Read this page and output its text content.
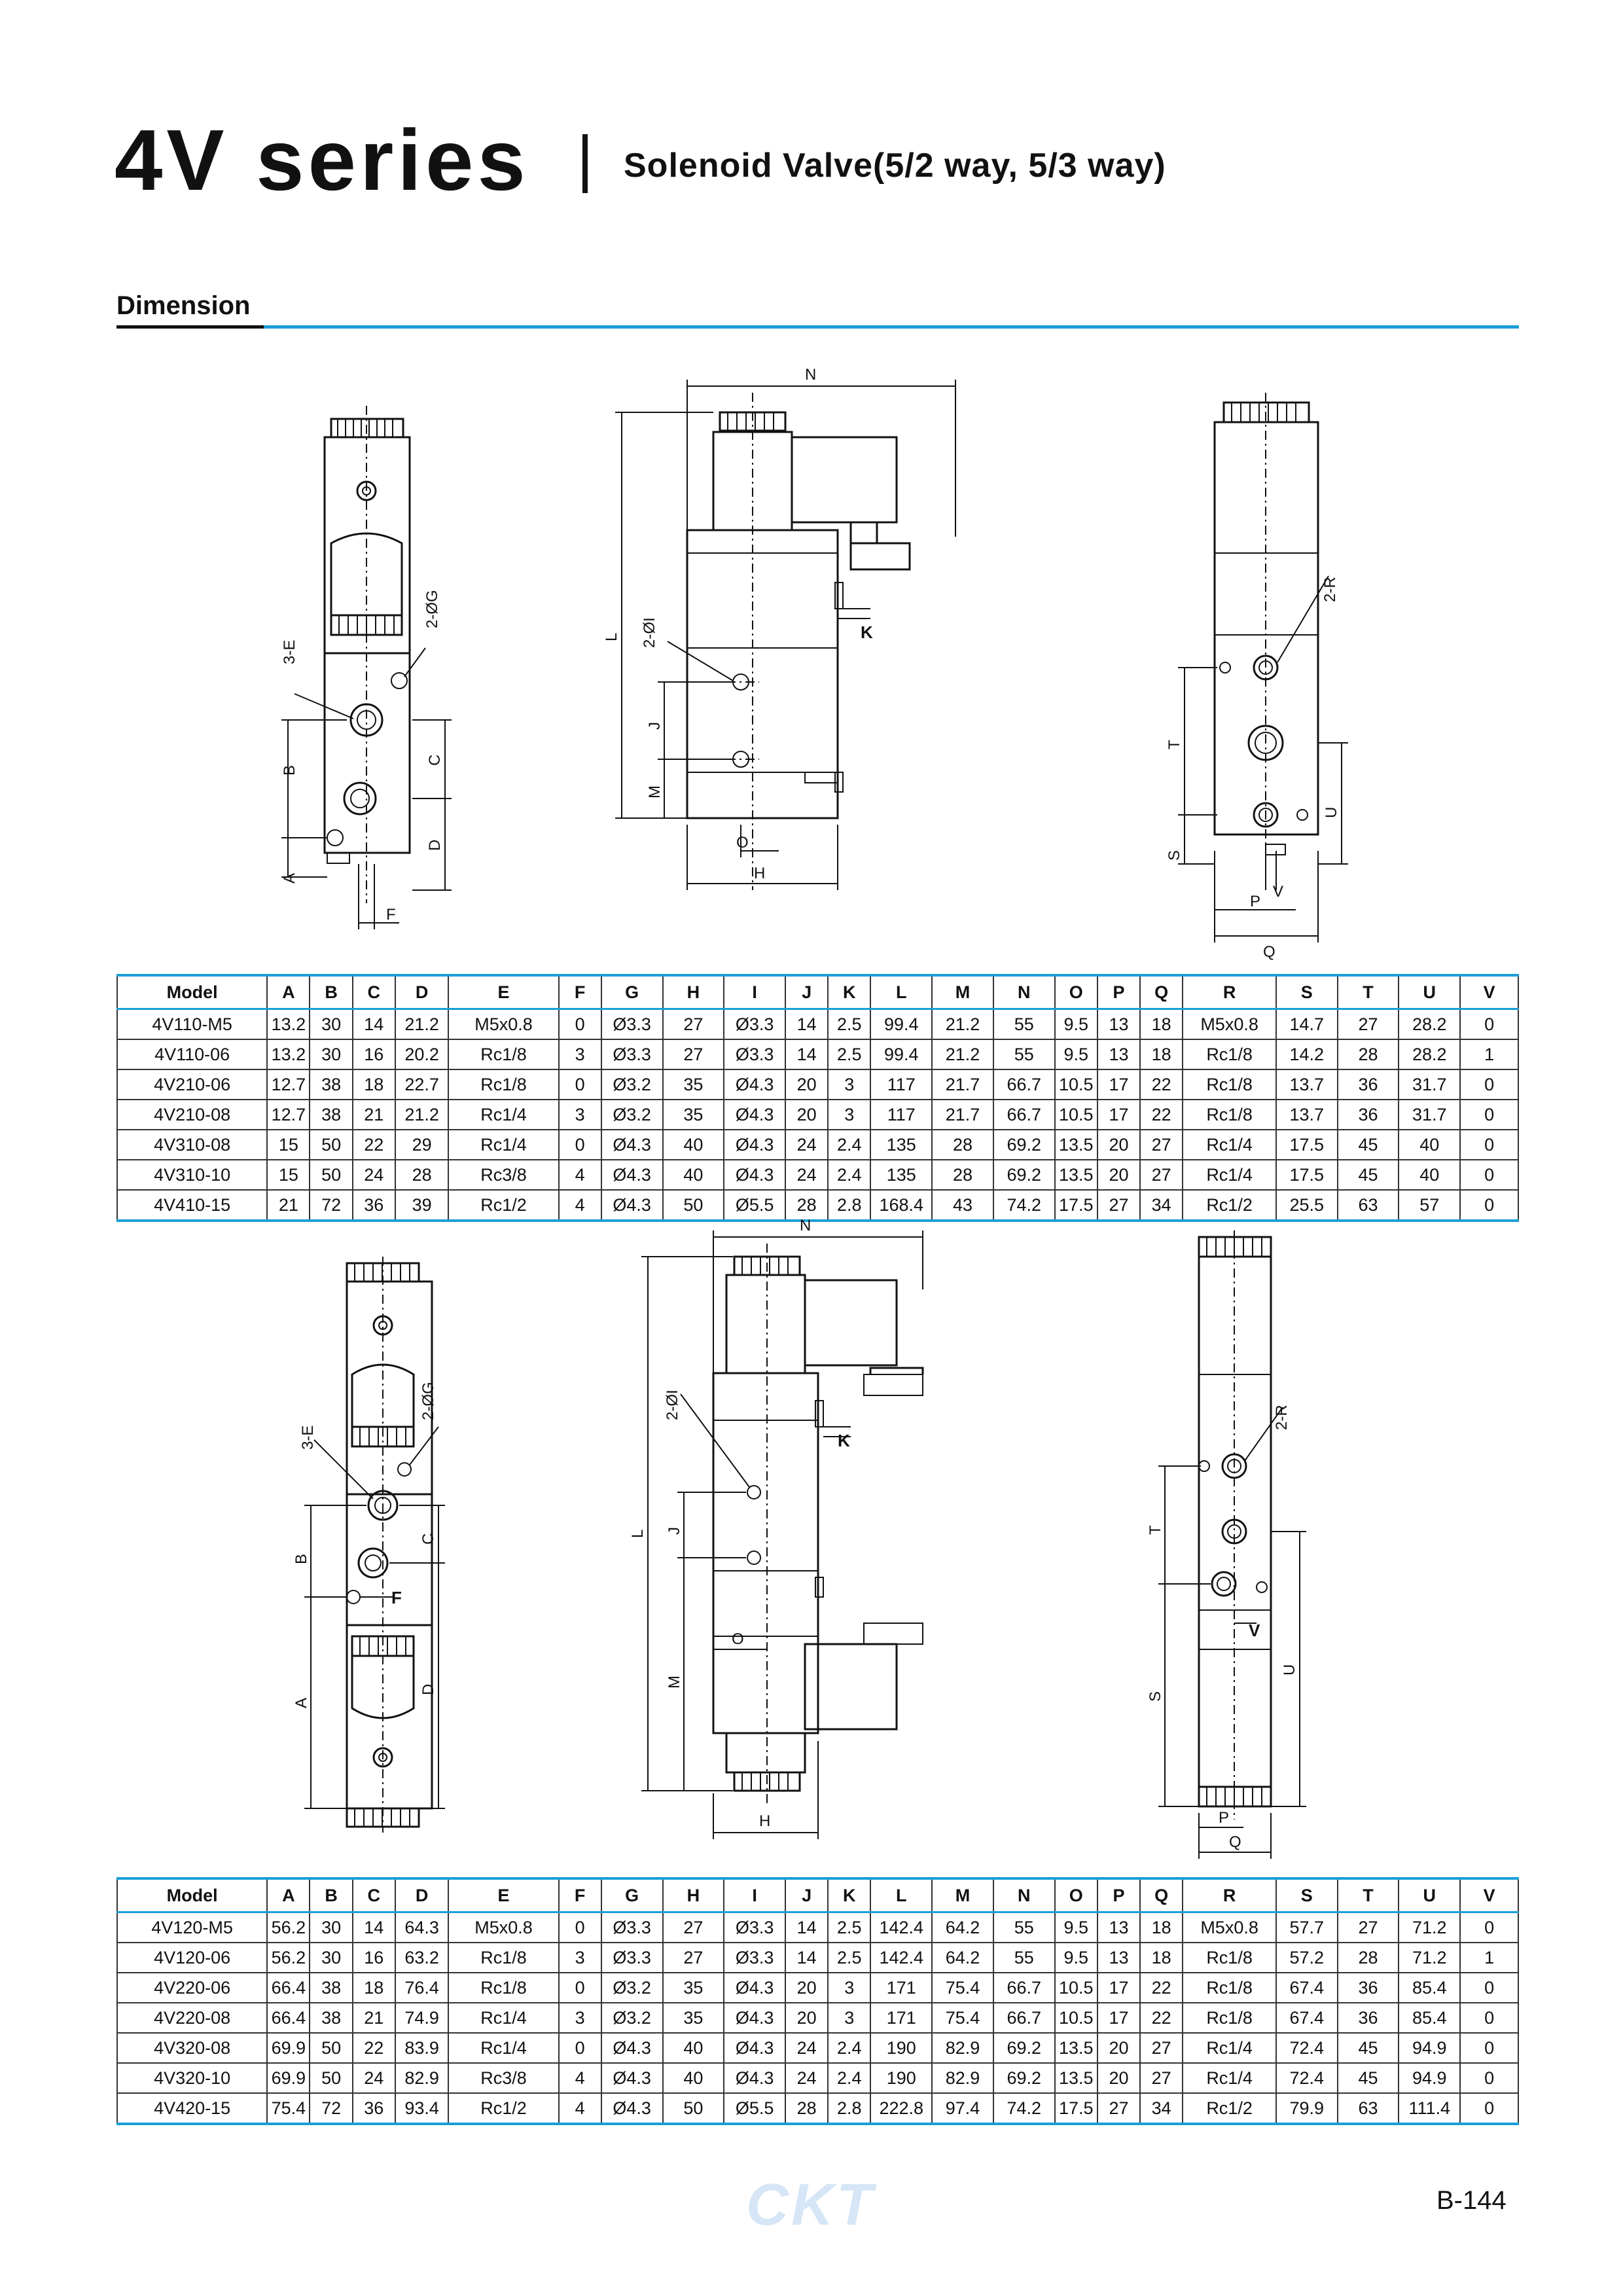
4V series	Solenoid Valve(5/2 way, 5/3 way)
Dimension
3-E
2-ØG
B
C
D
A
F
N
L 2-ØI	K
J
M
O
H
2-R
T
U
S
V
P
Q
Model	A	B	C	D	E	F	G	H	I	J	K	L	M	N	O	P	Q	R	S	T	U	V
4V110-M5	13.2	30	14	21.2	M5x0.8	0	Ø3.3	27	Ø3.3	14	2.5	99.4	21.2	55	9.5	13	18	M5x0.8	14.7	27	28.2	0
4V110-06	13.2	30	16	20.2	Rc1/8	3	Ø3.3	27	Ø3.3	14	2.5	99.4	21.2	55	9.5	13	18	Rc1/8	14.2	28	28.2	1
4V210-06	12.7	38	18	22.7	Rc1/8	0	Ø3.2	35	Ø4.3	20	3	117	21.7	66.7	10.5	17	22	Rc1/8	13.7	36	31.7	0
4V210-08	12.7	38	21	21.2	Rc1/4	3	Ø3.2	35	Ø4.3	20	3	117	21.7	66.7	10.5	17	22	Rc1/8	13.7	36	31.7	0
4V310-08	15	50	22	29	Rc1/4	0	Ø4.3	40	Ø4.3	24	2.4	135	28	69.2	13.5	20	27	Rc1/4	17.5	45	40	0
4V310-10	15	50	24	28	Rc3/8	4	Ø4.3	40	Ø4.3	24	2.4	135	28	69.2	13.5	20	27	Rc1/4	17.5	45	40	0
4V410-15	21	72	36	39	Rc1/2	4	Ø4.3	50	Ø5.5	28	2.8	168.4	43	74.2	17.5	27	34	Rc1/2	25.5	63	57	0
3-E
2-ØG
B
C
F
A
D
N
2-ØI
K
L J
O
M
H
2-R
T
V
U
S
P
Q
Model	A	B	C	D	E	F	G	H	I	J	K	L	M	N	O	P	Q	R	S	T	U	V
4V120-M5	56.2	30	14	64.3	M5x0.8	0	Ø3.3	27	Ø3.3	14	2.5	142.4	64.2	55	9.5	13	18	M5x0.8	57.7	27	71.2	0
4V120-06	56.2	30	16	63.2	Rc1/8	3	Ø3.3	27	Ø3.3	14	2.5	142.4	64.2	55	9.5	13	18	Rc1/8	57.2	28	71.2	1
4V220-06	66.4	38	18	76.4	Rc1/8	0	Ø3.2	35	Ø4.3	20	3	171	75.4	66.7	10.5	17	22	Rc1/8	67.4	36	85.4	0
4V220-08	66.4	38	21	74.9	Rc1/4	3	Ø3.2	35	Ø4.3	20	3	171	75.4	66.7	10.5	17	22	Rc1/8	67.4	36	85.4	0
4V320-08	69.9	50	22	83.9	Rc1/4	0	Ø4.3	40	Ø4.3	24	2.4	190	82.9	69.2	13.5	20	27	Rc1/4	72.4	45	94.9	0
4V320-10	69.9	50	24	82.9	Rc3/8	4	Ø4.3	40	Ø4.3	24	2.4	190	82.9	69.2	13.5	20	27	Rc1/4	72.4	45	94.9	0
4V420-15	75.4	72	36	93.4	Rc1/2	4	Ø4.3	50	Ø5.5	28	2.8	222.8	97.4	74.2	17.5	27	34	Rc1/2	79.9	63	111.4	0
CKT	B-144
